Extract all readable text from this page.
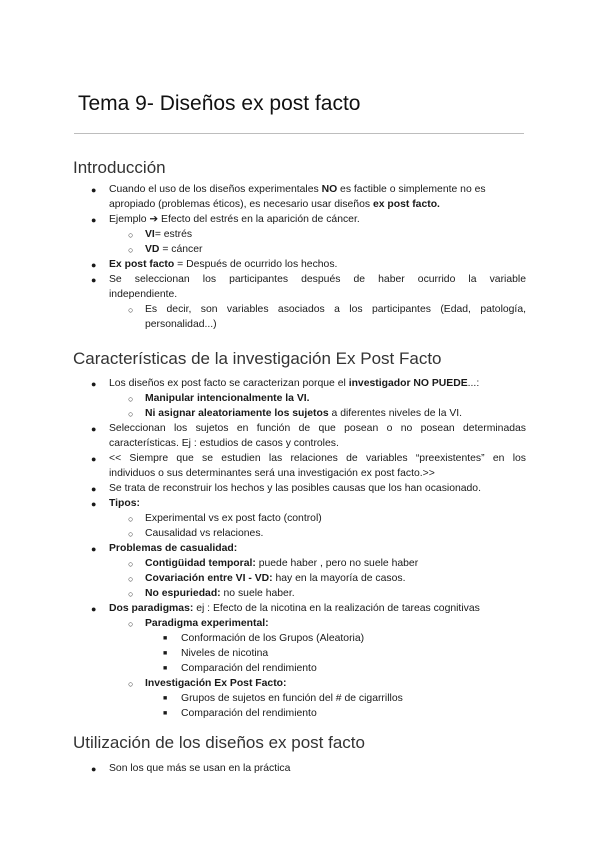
Tema 9- Diseños ex post facto
Introducción
● Cuando el uso de los diseños experimentales NO es factible o simplemente no es
apropiado (problemas éticos), es necesario usar diseños ex post facto.
● Ejemplo ➔ Efecto del estrés en la aparición de cáncer.
○ VI= estrés
○ VD = cáncer
● Ex post facto = Después de ocurrido los hechos.
● Se seleccionan los participantes después de haber ocurrido la variable
independiente.
○ Es decir, son variables asociados a los participantes (Edad, patología,
personalidad...)
Características de la investigación Ex Post Facto
● Los diseños ex post facto se caracterizan porque el investigador NO PUEDE...:
○ Manipular intencionalmente la VI.
○ Ni asignar aleatoriamente los sujetos a diferentes niveles de la VI.
● Seleccionan los sujetos en función de que posean o no posean determinadas
características. Ej : estudios de casos y controles.
● << Siempre que se estudien las relaciones de variables “preexistentes” en los
individuos o sus determinantes será una investigación ex post facto.>>
● Se trata de reconstruir los hechos y las posibles causas que los han ocasionado.
● Tipos:
○ Experimental vs ex post facto (control)
○ Causalidad vs relaciones.
● Problemas de casualidad:
○ Contigüidad temporal: puede haber , pero no suele haber
○ Covariación entre VI - VD: hay en la mayoría de casos.
○ No espuriedad: no suele haber.
● Dos paradigmas: ej : Efecto de la nicotina en la realización de tareas cognitivas
○ Paradigma experimental:
■ Conformación de los Grupos (Aleatoria)
■ Niveles de nicotina
■ Comparación del rendimiento
○ Investigación Ex Post Facto:
■ Grupos de sujetos en función del # de cigarrillos
■ Comparación del rendimiento
Utilización de los diseños ex post facto
● Son los que más se usan en la práctica
